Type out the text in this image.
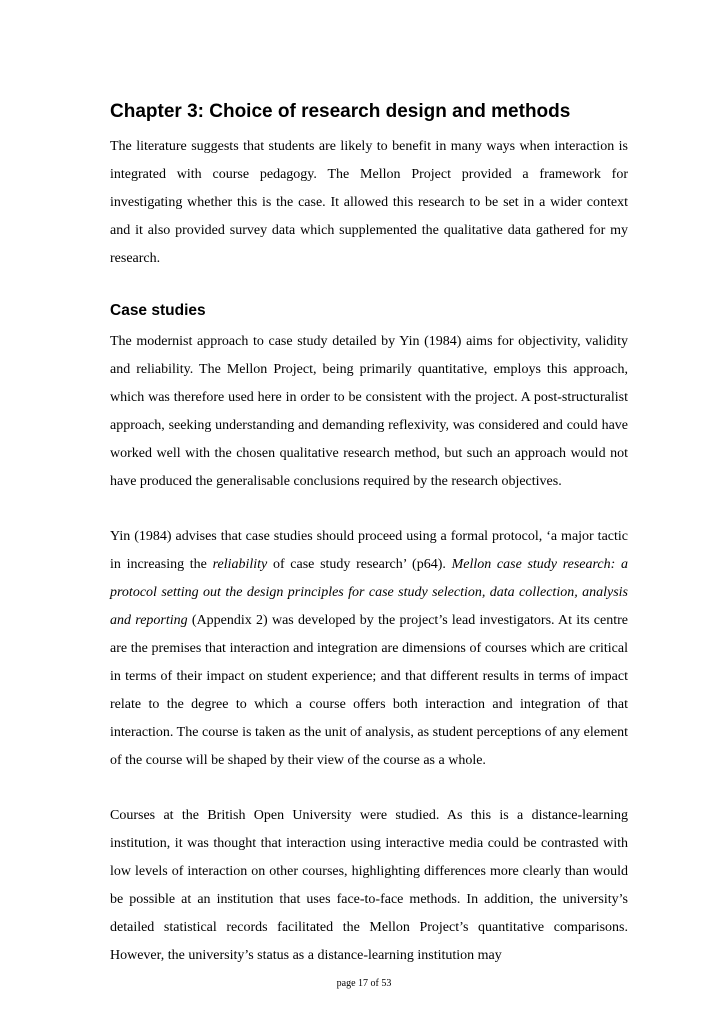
Chapter 3: Choice of research design and methods

The literature suggests that students are likely to benefit in many ways when interaction is integrated with course pedagogy. The Mellon Project provided a framework for investigating whether this is the case. It allowed this research to be set in a wider context and it also provided survey data which supplemented the qualitative data gathered for my research.

Case studies

The modernist approach to case study detailed by Yin (1984) aims for objectivity, validity and reliability. The Mellon Project, being primarily quantitative, employs this approach, which was therefore used here in order to be consistent with the project. A post-structuralist approach, seeking understanding and demanding reflexivity, was considered and could have worked well with the chosen qualitative research method, but such an approach would not have produced the generalisable conclusions required by the research objectives.

Yin (1984) advises that case studies should proceed using a formal protocol, ‘a major tactic in increasing the reliability of case study research’ (p64). Mellon case study research: a protocol setting out the design principles for case study selection, data collection, analysis and reporting (Appendix 2) was developed by the project’s lead investigators. At its centre are the premises that interaction and integration are dimensions of courses which are critical in terms of their impact on student experience; and that different results in terms of impact relate to the degree to which a course offers both interaction and integration of that interaction. The course is taken as the unit of analysis, as student perceptions of any element of the course will be shaped by their view of the course as a whole.

Courses at the British Open University were studied. As this is a distance-learning institution, it was thought that interaction using interactive media could be contrasted with low levels of interaction on other courses, highlighting differences more clearly than would be possible at an institution that uses face-to-face methods. In addition, the university’s detailed statistical records facilitated the Mellon Project’s quantitative comparisons. However, the university’s status as a distance-learning institution may

page 17 of 53
